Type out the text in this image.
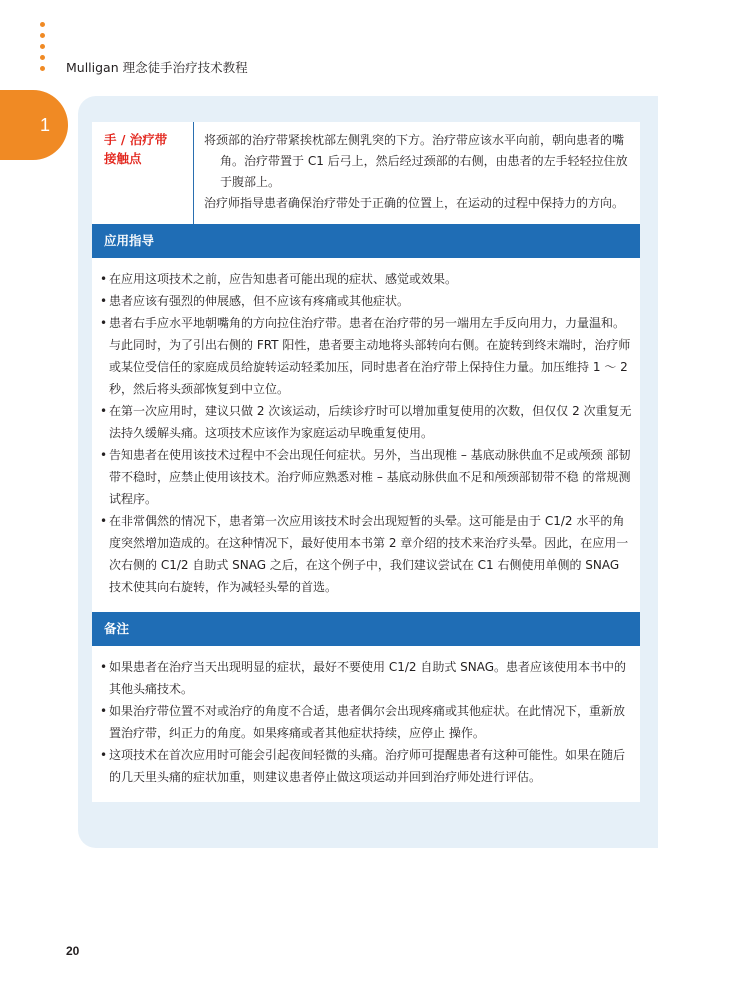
Mulligan 理念徒手治疗技术教程
1
手 / 治疗带
接触点

将颈部的治疗带紧挨枕部左侧乳突的下方。治疗带应该水平向前，朝向患者的嘴角。治疗带置于 C1 后弓上，然后经过颈部的右侧，由患者的左手轻轻拉住放于腹部上。

治疗师指导患者确保治疗带处于正确的位置上，在运动的过程中保持力的方向。

应用指导
• 在应用这项技术之前，应告知患者可能出现的症状、感觉或效果。
• 患者应该有强烈的伸展感，但不应该有疼痛或其他症状。
• 患者右手应水平地朝嘴角的方向拉住治疗带。患者在治疗带的另一端用左手反向用力，力量温和。与此同时，为了引出右侧的 FRT 阳性，患者要主动地将头部转向右侧。在旋转到终末端时，治疗师或某位受信任的家庭成员给旋转运动轻柔加压，同时患者在治疗带上保持住力量。加压维持 1 ～ 2 秒，然后将头颈部恢复到中立位。
• 在第一次应用时，建议只做 2 次该运动，后续诊疗时可以增加重复使用的次数，但仅仅 2 次重复无法持久缓解头痛。这项技术应该作为家庭运动早晚重复使用。
• 告知患者在使用该技术过程中不会出现任何症状。另外，当出现椎 – 基底动脉供血不足或颅颈 部韧带不稳时，应禁止使用该技术。治疗师应熟悉对椎 – 基底动脉供血不足和颅颈部韧带不稳 的常规测试程序。
• 在非常偶然的情况下，患者第一次应用该技术时会出现短暂的头晕。这可能是由于 C1/2 水平的角度突然增加造成的。在这种情况下，最好使用本书第 2 章介绍的技术来治疗头晕。因此，在应用一次右侧的 C1/2 自助式 SNAG 之后，在这个例子中，我们建议尝试在 C1 右侧使用单侧的 SNAG 技术使其向右旋转，作为减轻头晕的首选。
备注
• 如果患者在治疗当天出现明显的症状，最好不要使用 C1/2 自助式 SNAG。患者应该使用本书中的其他头痛技术。
• 如果治疗带位置不对或治疗的角度不合适，患者偶尔会出现疼痛或其他症状。在此情况下，重新放置治疗带，纠正力的角度。如果疼痛或者其他症状持续，应停止 操作。
• 这项技术在首次应用时可能会引起夜间轻微的头痛。治疗师可提醒患者有这种可能性。如果在随后的几天里头痛的症状加重，则建议患者停止做这项运动并回到治疗师处进行评估。
20
